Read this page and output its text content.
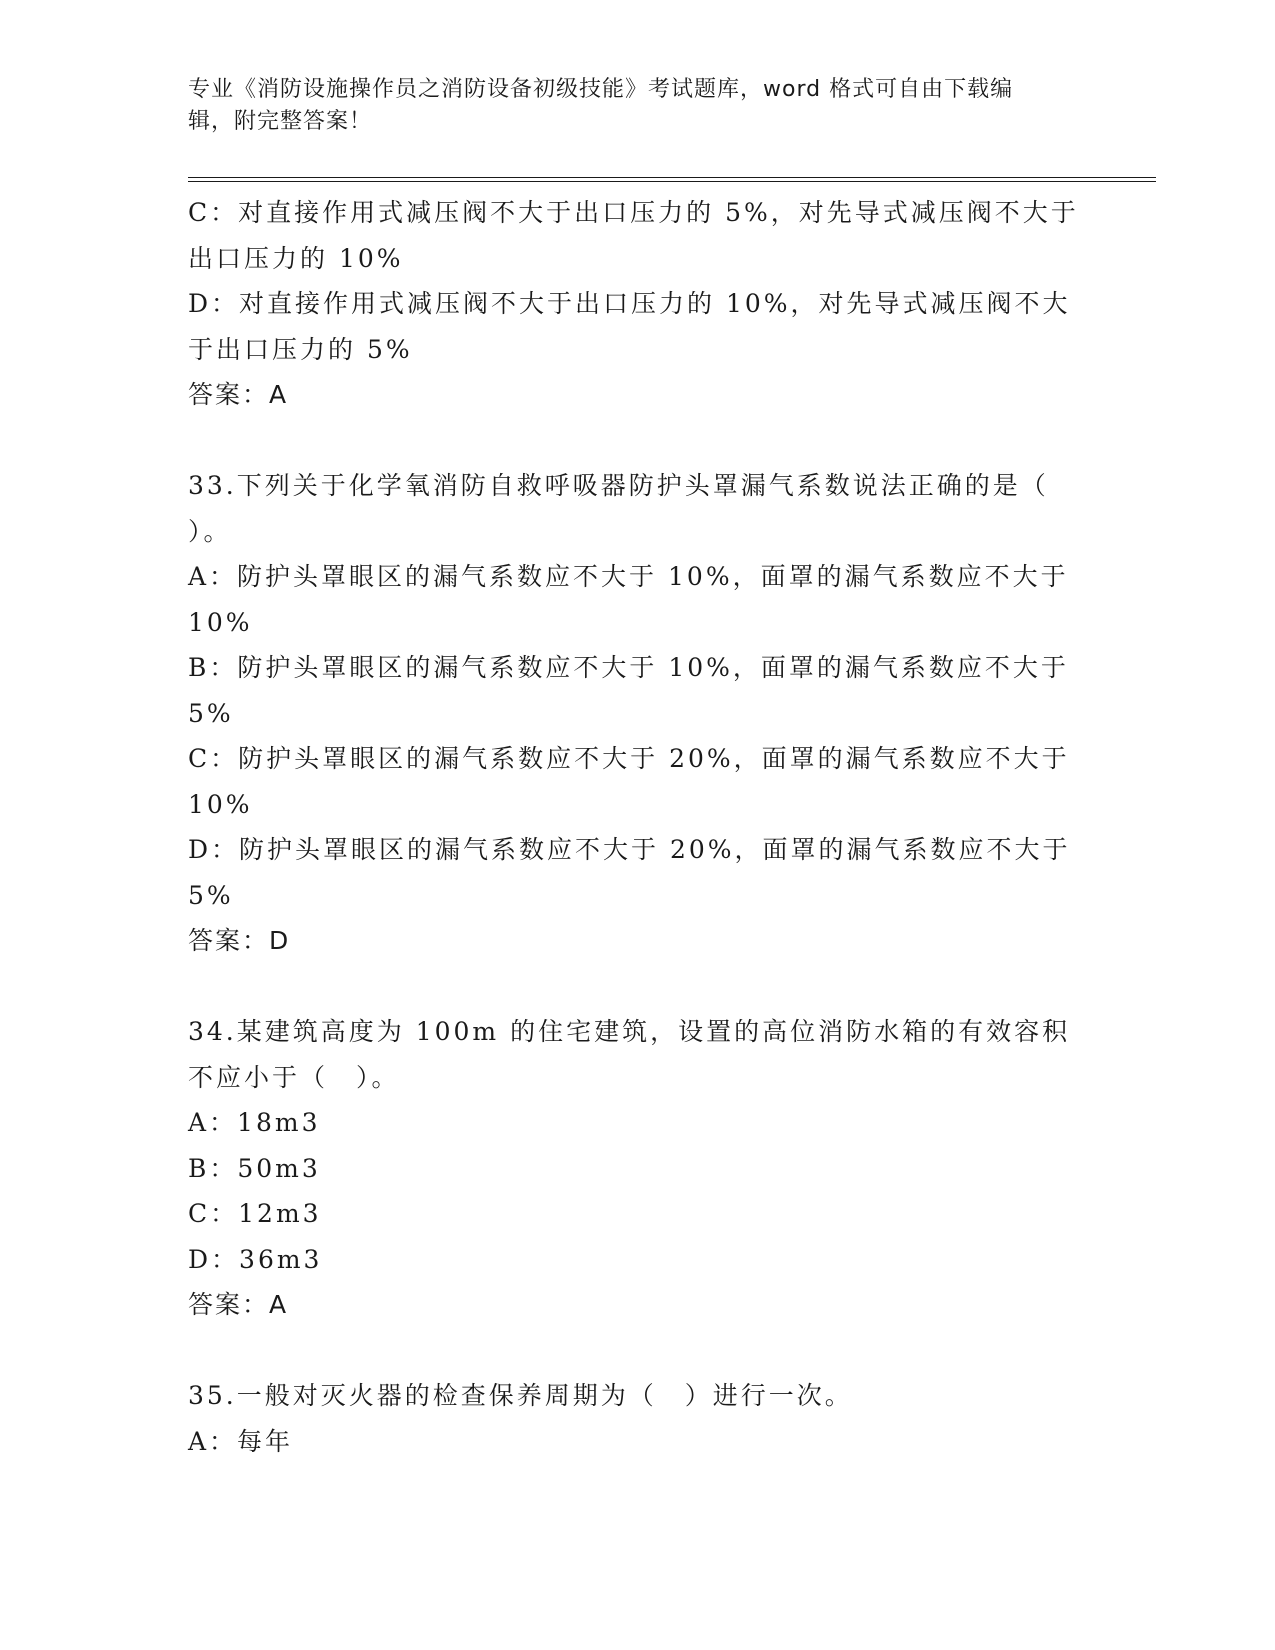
专业《消防设施操作员之消防设备初级技能》考试题库，word 格式可自由下载编
辑，附完整答案！
C：对直接作用式减压阀不大于出口压力的 5%，对先导式减压阀不大于
出口压力的 10%
D：对直接作用式减压阀不大于出口压力的 10%，对先导式减压阀不大
于出口压力的 5%
答案：A
33.下列关于化学氧消防自救呼吸器防护头罩漏气系数说法正确的是（
）。
A：防护头罩眼区的漏气系数应不大于 10%，面罩的漏气系数应不大于
10%
B：防护头罩眼区的漏气系数应不大于 10%，面罩的漏气系数应不大于
5%
C：防护头罩眼区的漏气系数应不大于 20%，面罩的漏气系数应不大于
10%
D：防护头罩眼区的漏气系数应不大于 20%，面罩的漏气系数应不大于
5%
答案：D
34.某建筑高度为 100m 的住宅建筑，设置的高位消防水箱的有效容积
不应小于（　）。
A：18m3
B：50m3
C：12m3
D：36m3
答案：A
35.一般对灭火器的检查保养周期为（　）进行一次。
A：每年
